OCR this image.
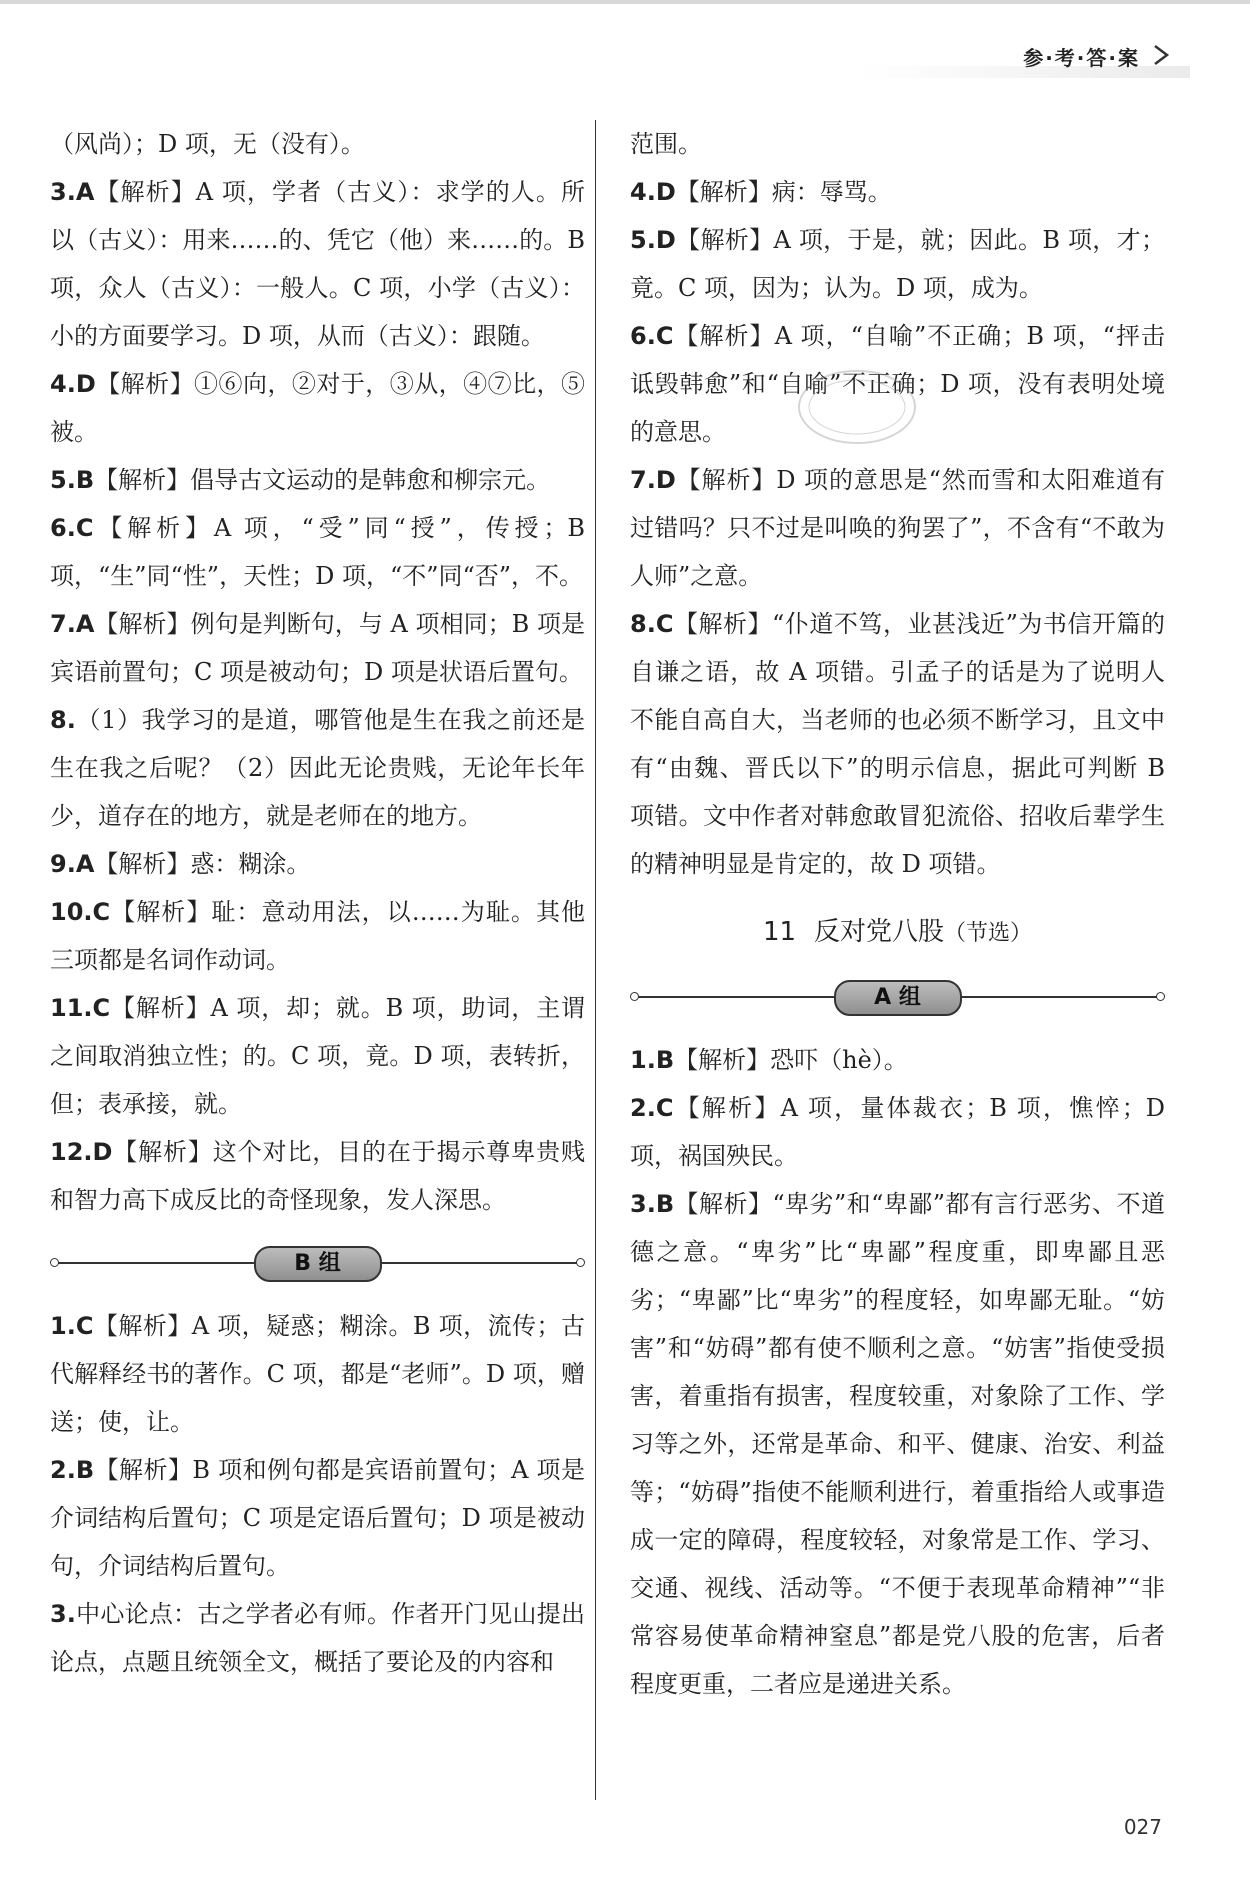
参·考·答·案

（风尚）；D 项，无（没有）。

3.A【解析】A 项，学者（古义）：求学的人。所以（古义）：用来……的、凭它（他）来……的。B 项，众人（古义）：一般人。C 项，小学（古义）：小的方面要学习。D 项，从而（古义）：跟随。

4.D【解析】①⑥向，②对于，③从，④⑦比，⑤被。

5.B【解析】倡导古文运动的是韩愈和柳宗元。

6.C【解析】A 项，“受”同“授”，传授；B 项，“生”同“性”，天性；D 项，“不”同“否”，不。

7.A【解析】例句是判断句，与 A 项相同；B 项是宾语前置句；C 项是被动句；D 项是状语后置句。

8.（1）我学习的是道，哪管他是生在我之前还是生在我之后呢？（2）因此无论贵贱，无论年长年少，道存在的地方，就是老师在的地方。

9.A【解析】惑：糊涂。

10.C【解析】耻：意动用法，以……为耻。其他三项都是名词作动词。

11.C【解析】A 项，却；就。B 项，助词，主谓之间取消独立性；的。C 项，竟。D 项，表转折，但；表承接，就。

12.D【解析】这个对比，目的在于揭示尊卑贵贱和智力高下成反比的奇怪现象，发人深思。

B 组

1.C【解析】A 项，疑惑；糊涂。B 项，流传；古代解释经书的著作。C 项，都是“老师”。D 项，赠送；使，让。

2.B【解析】B 项和例句都是宾语前置句；A 项是介词结构后置句；C 项是定语后置句；D 项是被动句，介词结构后置句。

3.中心论点：古之学者必有师。作者开门见山提出论点，点题且统领全文，概括了要论及的内容和

范围。

4.D【解析】病：辱骂。

5.D【解析】A 项，于是，就；因此。B 项，才；竟。C 项，因为；认为。D 项，成为。

6.C【解析】A 项，“自喻”不正确；B 项，“抨击诋毁韩愈”和“自喻”不正确；D 项，没有表明处境的意思。

7.D【解析】D 项的意思是“然而雪和太阳难道有过错吗？只不过是叫唤的狗罢了”，不含有“不敢为人师”之意。

8.C【解析】“仆道不笃，业甚浅近”为书信开篇的自谦之语，故 A 项错。引孟子的话是为了说明人不能自高自大，当老师的也必须不断学习，且文中有“由魏、晋氏以下”的明示信息，据此可判断 B 项错。文中作者对韩愈敢冒犯流俗、招收后辈学生的精神明显是肯定的，故 D 项错。

11 反对党八股（节选）
A 组

1.B【解析】恐吓（hè）。

2.C【解析】A 项，量体裁衣；B 项，憔悴；D 项，祸国殃民。

3.B【解析】“卑劣”和“卑鄙”都有言行恶劣、不道德之意。“卑劣”比“卑鄙”程度重，即卑鄙且恶劣；“卑鄙”比“卑劣”的程度轻，如卑鄙无耻。“妨害”和“妨碍”都有使不顺利之意。“妨害”指使受损害，着重指有损害，程度较重，对象除了工作、学习等之外，还常是革命、和平、健康、治安、利益等；“妨碍”指使不能顺利进行，着重指给人或事造成一定的障碍，程度较轻，对象常是工作、学习、交通、视线、活动等。“不便于表现革命精神”“非常容易使革命精神窒息”都是党八股的危害，后者程度更重，二者应是递进关系。

027
